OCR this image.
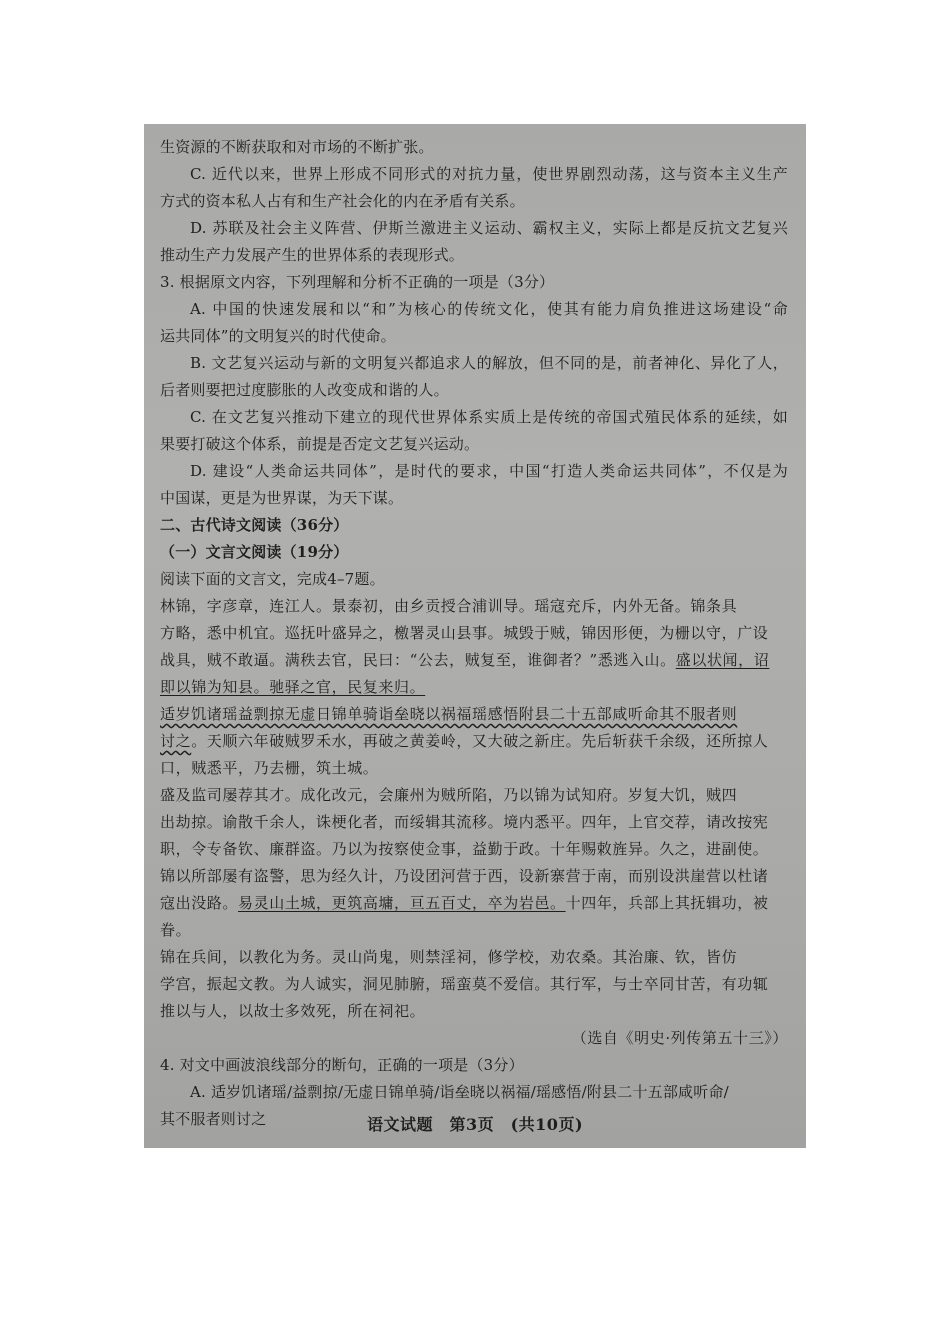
生资源的不断获取和对市场的不断扩张。
C. 近代以来，世界上形成不同形式的对抗力量，使世界剧烈动荡，这与资本主义生产
方式的资本私人占有和生产社会化的内在矛盾有关系。
D. 苏联及社会主义阵营、伊斯兰激进主义运动、霸权主义，实际上都是反抗文艺复兴
推动生产力发展产生的世界体系的表现形式。
3. 根据原文内容，下列理解和分析不正确的一项是（3分）
A. 中国的快速发展和以“和”为核心的传统文化，使其有能力肩负推进这场建设“命
运共同体”的文明复兴的时代使命。
B. 文艺复兴运动与新的文明复兴都追求人的解放，但不同的是，前者神化、异化了人，
后者则要把过度膨胀的人改变成和谐的人。
C. 在文艺复兴推动下建立的现代世界体系实质上是传统的帝国式殖民体系的延续，如
果要打破这个体系，前提是否定文艺复兴运动。
D. 建设“人类命运共同体”，是时代的要求，中国“打造人类命运共同体”，不仅是为
中国谋，更是为世界谋，为天下谋。
二、古代诗文阅读（36分）
（一）文言文阅读（19分）
阅读下面的文言文，完成4–7题。
林锦，字彦章，连江人。景泰初，由乡贡授合浦训导。瑶寇充斥，内外无备。锦条具
方略，悉中机宜。巡抚叶盛异之，檄署灵山县事。城毁于贼，锦因形便，为栅以守，广设
战具，贼不敢逼。满秩去官，民曰：“公去，贼复至，谁御者？”悉逃入山。盛以状闻，诏
即以锦为知县。驰驿之官，民复来归。
适岁饥诸瑶益剽掠无虚日锦单骑诣垒晓以祸福瑶感悟附县二十五部咸听命其不服者则
讨之。天顺六年破贼罗禾水，再破之黄姜岭，又大破之新庄。先后斩获千余级，还所掠人
口，贼悉平，乃去栅，筑土城。
盛及监司屡荐其才。成化改元，会廉州为贼所陷，乃以锦为试知府。岁复大饥，贼四
出劫掠。谕散千余人，诛梗化者，而绥辑其流移。境内悉平。四年，上官交荐，请改按宪
职，令专备钦、廉群盗。乃以为按察使佥事，益勤于政。十年赐敕旌异。久之，进副使。
锦以所部屡有盗警，思为经久计，乃设团河营于西，设新寨营于南，而别设洪崖营以杜诸
寇出没路。易灵山土城，更筑高墉，亘五百丈，卒为岩邑。十四年，兵部上其抚辑功，被
眷。
锦在兵间，以教化为务。灵山尚鬼，则禁淫祠，修学校，劝农桑。其治廉、钦，皆仿
学宫，振起文教。为人诚实，洞见肺腑，瑶蛮莫不爱信。其行军，与士卒同甘苦，有功辄
推以与人，以故士多效死，所在祠祀。
（选自《明史·列传第五十三》）
4. 对文中画波浪线部分的断句，正确的一项是（3分）
A. 适岁饥诸瑶/益剽掠/无虚日锦单骑/诣垒晓以祸福/瑶感悟/附县二十五部咸听命/
其不服者则讨之	语文试题　第3页　(共10页)
